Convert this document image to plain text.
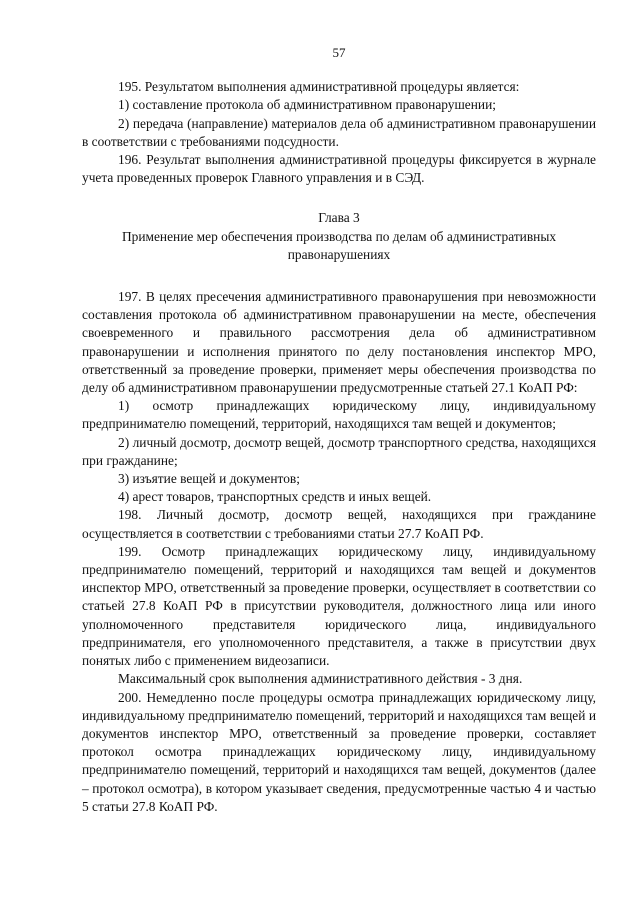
57

195. Результатом выполнения административной процедуры является:

1) составление протокола об административном правонарушении;

2) передача (направление) материалов дела об административном правонарушении в соответствии с требованиями подсудности.

196. Результат выполнения административной процедуры фиксируется в журнале учета проведенных проверок Главного управления и в СЭД.

Глава 3

Применение мер обеспечения производства по делам об административных правонарушениях

197. В целях пресечения административного правонарушения при невозможности составления протокола об административном правонарушении на месте, обеспечения своевременного и правильного рассмотрения дела об административном правонарушении и исполнения принятого по делу постановления инспектор МРО, ответственный за проведение проверки, применяет меры обеспечения производства по делу об административном правонарушении предусмотренные статьей 27.1 КоАП РФ:

1) осмотр принадлежащих юридическому лицу, индивидуальному предпринимателю помещений, территорий, находящихся там вещей и документов;

2) личный досмотр, досмотр вещей, досмотр транспортного средства, находящихся при гражданине;

3) изъятие вещей и документов;

4) арест товаров, транспортных средств и иных вещей.

198. Личный досмотр, досмотр вещей, находящихся при гражданине осуществляется в соответствии с требованиями статьи 27.7 КоАП РФ.

199. Осмотр принадлежащих юридическому лицу, индивидуальному предпринимателю помещений, территорий и находящихся там вещей и документов инспектор МРО, ответственный за проведение проверки, осуществляет в соответствии со статьей 27.8 КоАП РФ в присутствии руководителя, должностного лица или иного уполномоченного представителя юридического лица, индивидуального предпринимателя, его уполномоченного представителя, а также в присутствии двух понятых либо с применением видеозаписи.

Максимальный срок выполнения административного действия - 3 дня.

200. Немедленно после процедуры осмотра принадлежащих юридическому лицу, индивидуальному предпринимателю помещений, территорий и находящихся там вещей и документов инспектор МРО, ответственный за проведение проверки, составляет протокол осмотра принадлежащих юридическому лицу, индивидуальному предпринимателю помещений, территорий и находящихся там вещей, документов (далее – протокол осмотра), в котором указывает сведения, предусмотренные частью 4 и частью 5 статьи 27.8 КоАП РФ.
